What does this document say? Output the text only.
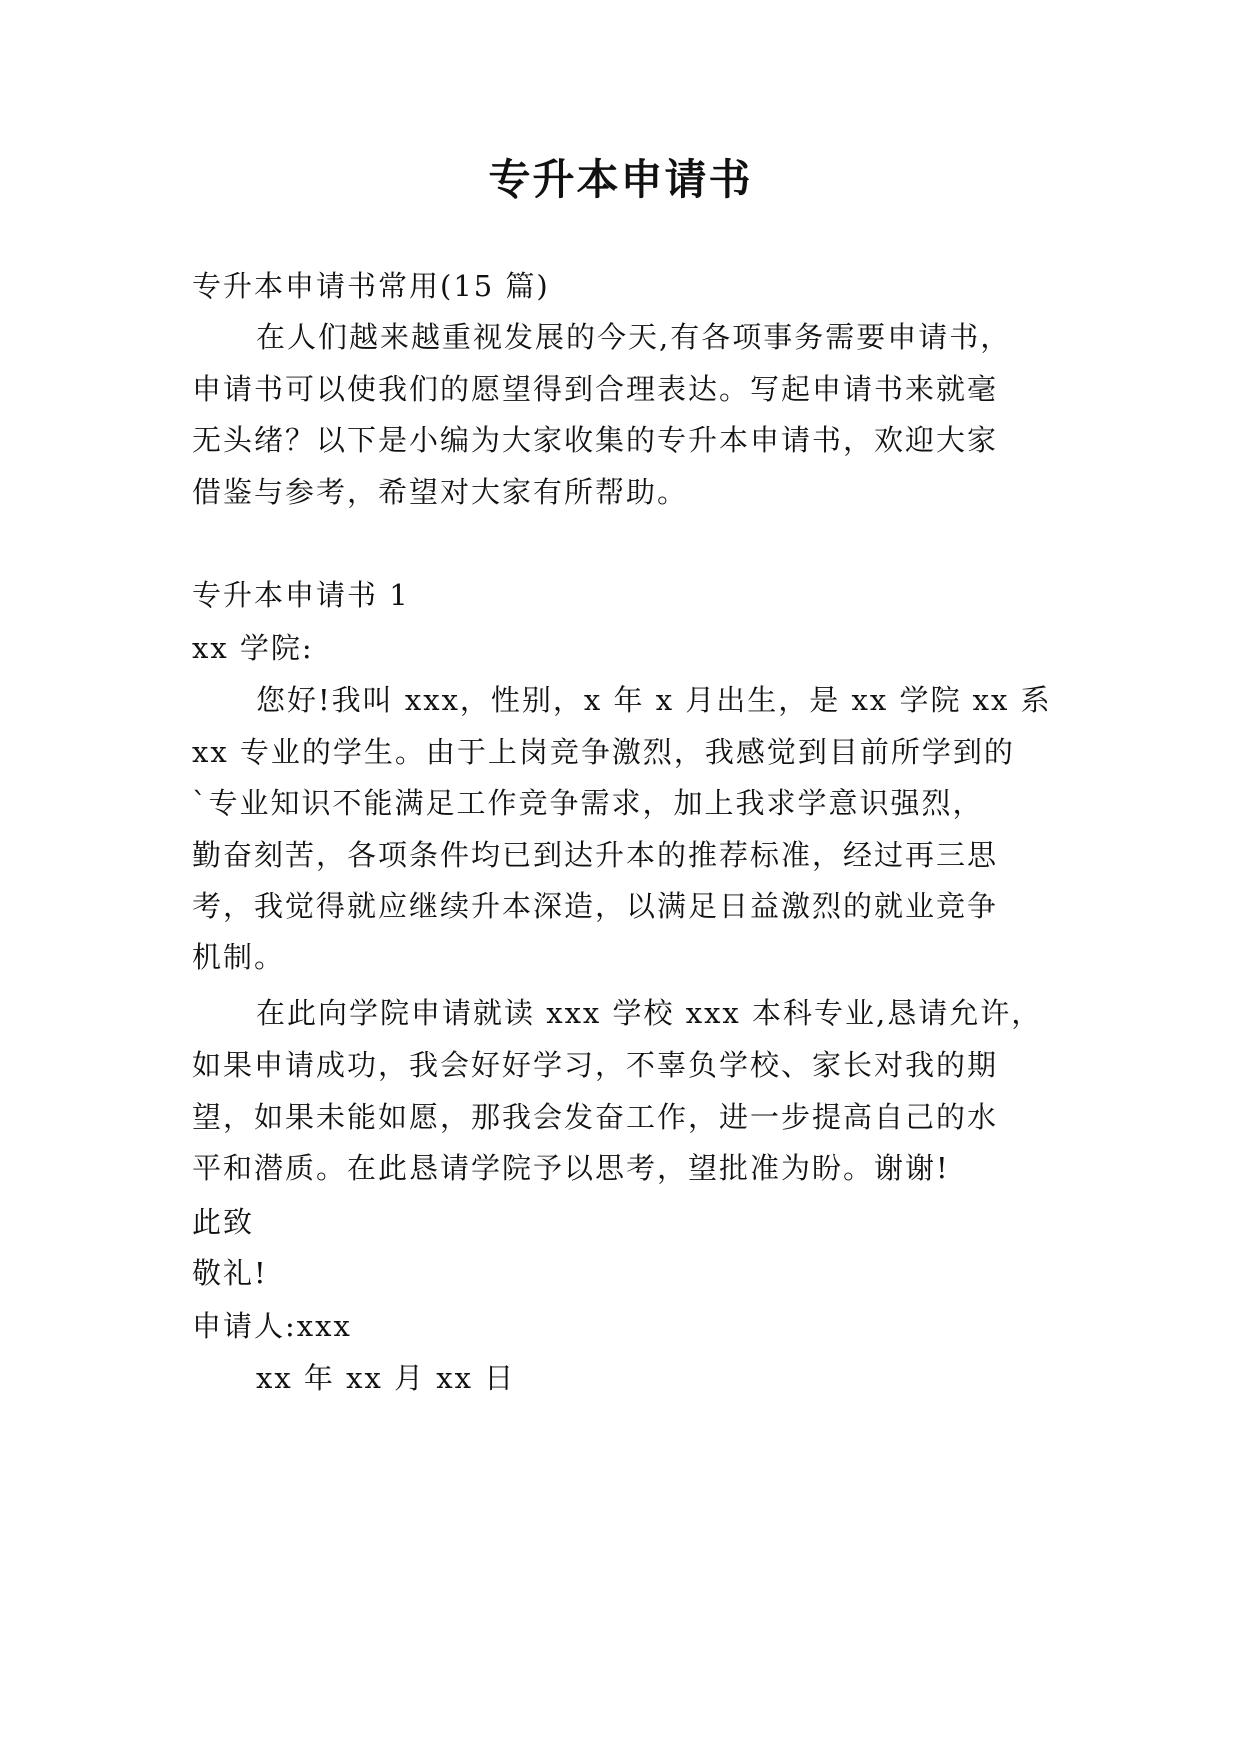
专升本申请书
专升本申请书常用(15 篇)
在人们越来越重视发展的今天,有各项事务需要申请书，
申请书可以使我们的愿望得到合理表达。写起申请书来就毫
无头绪？以下是小编为大家收集的专升本申请书，欢迎大家
借鉴与参考，希望对大家有所帮助。
专升本申请书 1
xx 学院:
您好!我叫 xxx，性别，x 年 x 月出生，是 xx 学院 xx 系
xx 专业的学生。由于上岗竞争激烈，我感觉到目前所学到的
`专业知识不能满足工作竞争需求，加上我求学意识强烈，
勤奋刻苦，各项条件均已到达升本的推荐标准，经过再三思
考，我觉得就应继续升本深造，以满足日益激烈的就业竞争
机制。
在此向学院申请就读 xxx 学校 xxx 本科专业,恳请允许，
如果申请成功，我会好好学习，不辜负学校、家长对我的期
望，如果未能如愿，那我会发奋工作，进一步提高自己的水
平和潜质。在此恳请学院予以思考，望批准为盼。谢谢!
此致
敬礼!
申请人:xxx
xx 年 xx 月 xx 日
